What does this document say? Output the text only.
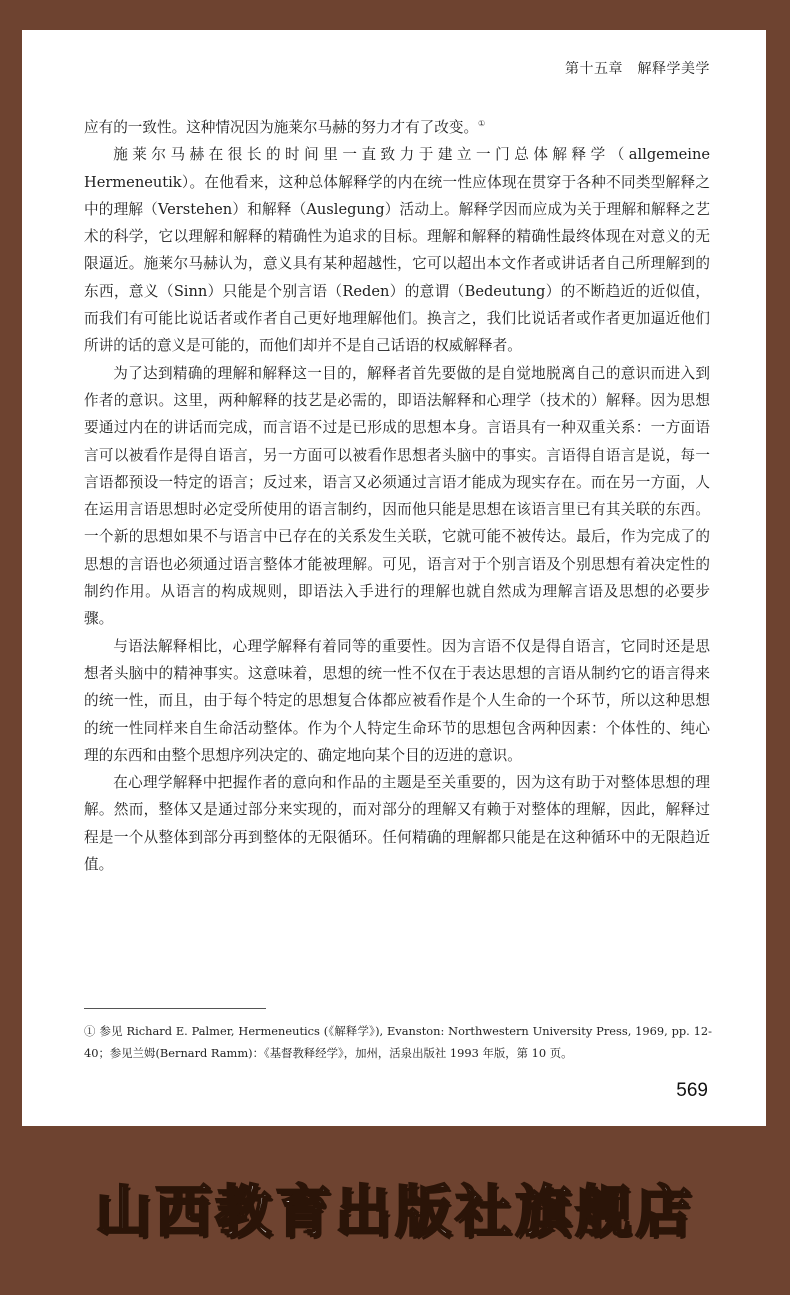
第十五章　解释学美学

应有的一致性。这种情况因为施莱尔马赫的努力才有了改变。①

施莱尔马赫在很长的时间里一直致力于建立一门总体解释学（allgemeine Hermeneutik）。在他看来，这种总体解释学的内在统一性应体现在贯穿于各种不同类型解释之中的理解（Verstehen）和解释（Auslegung）活动上。解释学因而应成为关于理解和解释之艺术的科学，它以理解和解释的精确性为追求的目标。理解和解释的精确性最终体现在对意义的无限逼近。施莱尔马赫认为，意义具有某种超越性，它可以超出本文作者或讲话者自己所理解到的东西，意义（Sinn）只能是个别言语（Reden）的意谓（Bedeutung）的不断趋近的近似值，而我们有可能比说话者或作者自己更好地理解他们。换言之，我们比说话者或作者更加逼近他们所讲的话的意义是可能的，而他们却并不是自己话语的权威解释者。

为了达到精确的理解和解释这一目的，解释者首先要做的是自觉地脱离自己的意识而进入到作者的意识。这里，两种解释的技艺是必需的，即语法解释和心理学（技术的）解释。因为思想要通过内在的讲话而完成，而言语不过是已形成的思想本身。言语具有一种双重关系：一方面语言可以被看作是得自语言，另一方面可以被看作思想者头脑中的事实。言语得自语言是说，每一言语都预设一特定的语言；反过来，语言又必须通过言语才能成为现实存在。而在另一方面，人在运用言语思想时必定受所使用的语言制约，因而他只能是思想在该语言里已有其关联的东西。一个新的思想如果不与语言中已存在的关系发生关联，它就可能不被传达。最后，作为完成了的思想的言语也必须通过语言整体才能被理解。可见，语言对于个别言语及个别思想有着决定性的制约作用。从语言的构成规则，即语法入手进行的理解也就自然成为理解言语及思想的必要步骤。

与语法解释相比，心理学解释有着同等的重要性。因为言语不仅是得自语言，它同时还是思想者头脑中的精神事实。这意味着，思想的统一性不仅在于表达思想的言语从制约它的语言得来的统一性，而且，由于每个特定的思想复合体都应被看作是个人生命的一个环节，所以这种思想的统一性同样来自生命活动整体。作为个人特定生命环节的思想包含两种因素：个体性的、纯心理的东西和由整个思想序列决定的、确定地向某个目的迈进的意识。

在心理学解释中把握作者的意向和作品的主题是至关重要的，因为这有助于对整体思想的理解。然而，整体又是通过部分来实现的，而对部分的理解又有赖于对整体的理解，因此，解释过程是一个从整体到部分再到整体的无限循环。任何精确的理解都只能是在这种循环中的无限趋近值。

① 参见 Richard E. Palmer, Hermeneutics (《解释学》), Evanston: Northwestern University Press, 1969, pp. 12-40；参见兰姆(Bernard Ramm)：《基督教释经学》，加州，活泉出版社 1993 年版，第 10 页。
569
山西教育出版社旗舰店
